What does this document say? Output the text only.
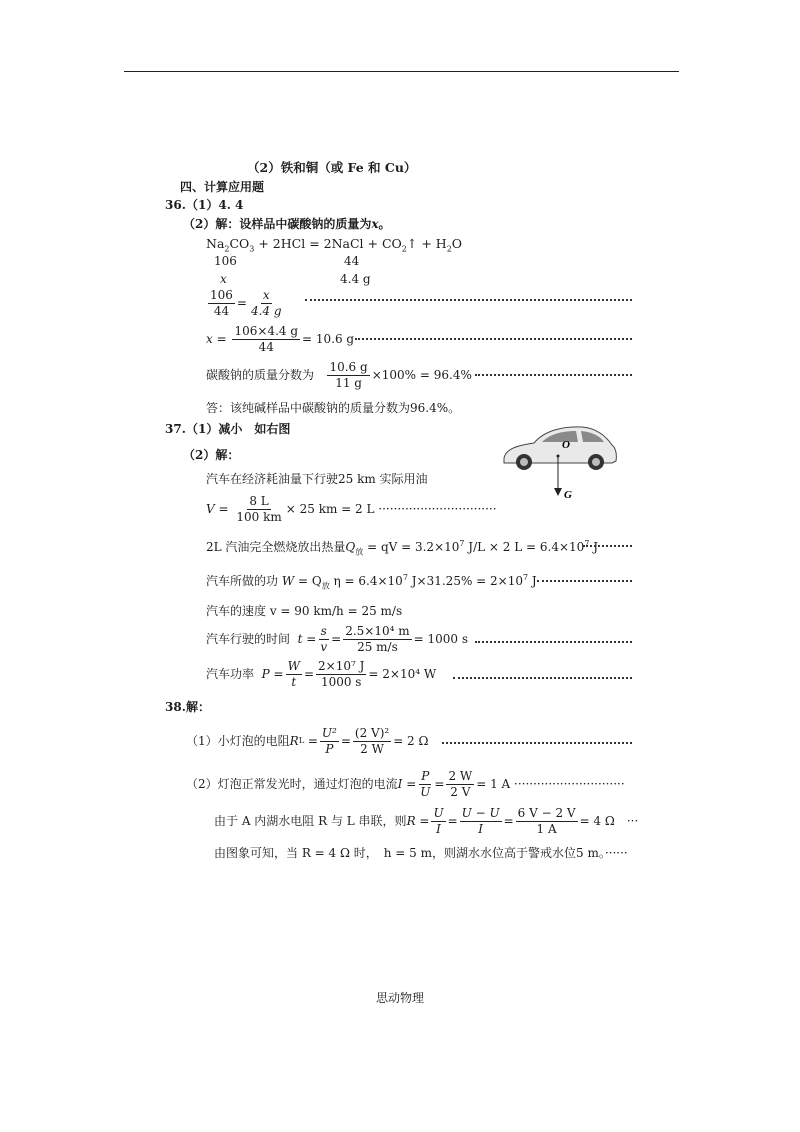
（2）铁和铜（或 Fe 和 Cu）
四、计算应用题
36. （1）4. 4
（2）解：设样品中碳酸钠的质量为x。
$Na_2CO_3 + 2HCl$ = 2NaCl + $CO_2↑ + H_2O$
106	44
x	4.4 g
$\frac{106}{44} = \frac{x}{4.4 g}$
$x = \frac{106\times 4.4 g}{44} = 10.6$ g
碳酸钠的质量分数为
$\frac{10.6 g}{11 g} \times 100\% = 96.4\%$
答：该纯碱样品中碳酸钠的质量分数为96.4%。
37. （1）减小　如右图
（2）解：
O
G
汽车在经济耗油量下行驶25 km 实际用油
V =
$\frac{8 L}{100 km} \times 25$ km = 2 L ·······························
2L 汽油完全燃烧放出热量$Q_放$ = qV = $3.2\times 10^7$ J/L × 2 $L = 6.4\times 10^7$ J
汽车所做的功 $W = Q_放$ $\eta = 6.4\times 10^7$ $J\times 31.25\% = 2\times 10^7$ J
汽车的速度 v = 90 km/h = 25 m/s
汽车行驶的时间
$t = \frac{s}{v} = \frac{\text{2.5×10⁴ m}}{25 m/s} = 1000$ s
汽车功率
$P = \frac{W}{t} = \frac{\text{2×10⁷ J}}{1000 s} = 2\times 10^4$ W
38. 解：
（1）小灯泡的电阻 R L
= $\frac{\text{U²}}{P} = \frac{\text{(2 V)²}}{2 W} = 2$ Ω
（2）灯泡正常发光时，通过灯泡的电流 $I = \frac{P}{U} = \frac{2 W}{2 V} = 1$ A ·····························
由于 A 内湖水电阻 R 与 L 串联，则 $R = \frac{U}{I} = \frac{U - U}{I} = \frac{6 V - 2 V}{1 A} = 4$ Ω　···
由图象可知，当 R = 4 Ω 时，　h = 5 m，则湖水水位高于警戒水位5 m。······
思动物理
